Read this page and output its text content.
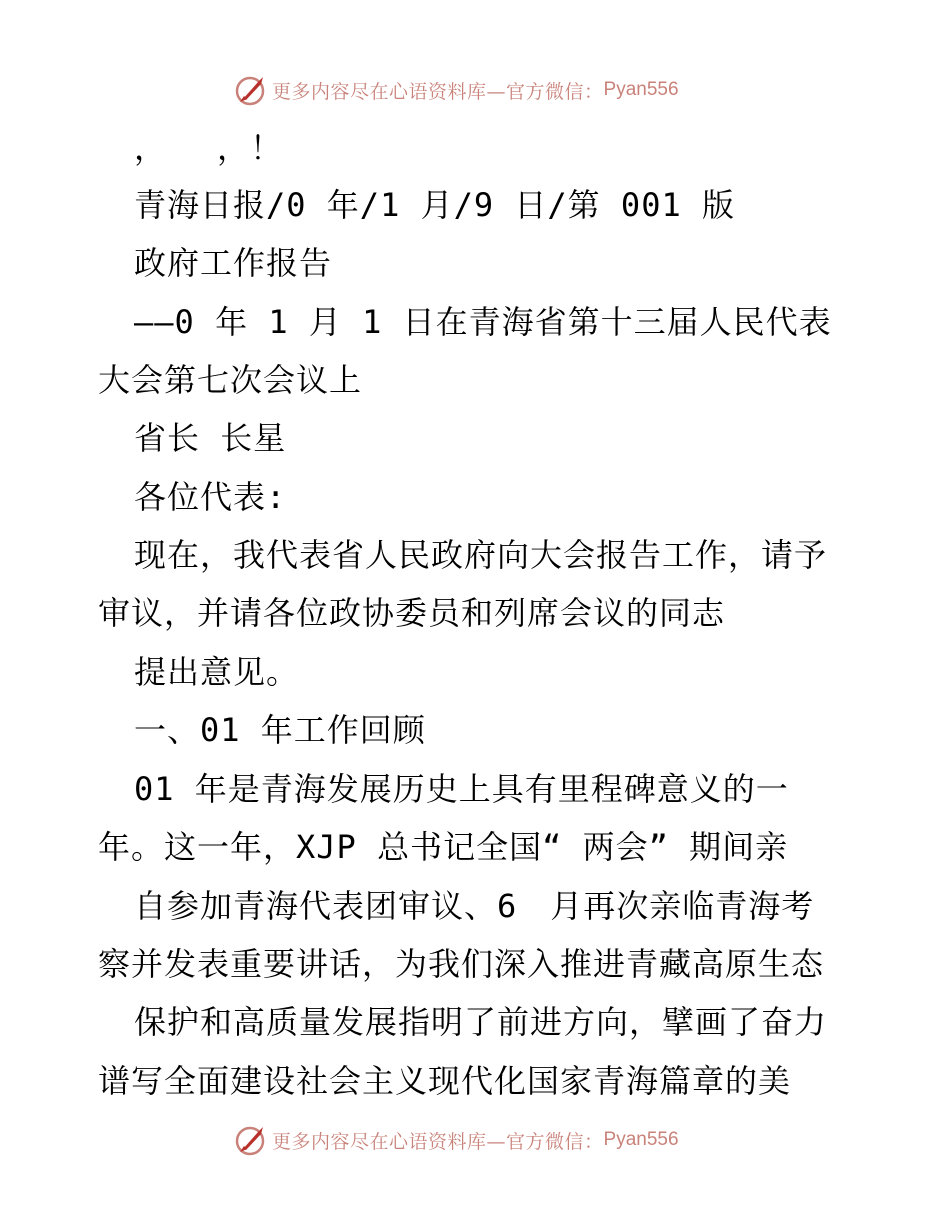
更多内容尽在心语资料库—官方微信： Pyan556
，　　，！
青海日报/0 年/1 月/9 日/第 001 版
政府工作报告
——0 年 1 月 1 日在青海省第十三届人民代表
大会第七次会议上
省长 长星
各位代表:
现在，我代表省人民政府向大会报告工作，请予
审议，并请各位政协委员和列席会议的同志
提出意见。
一、01 年工作回顾
01 年是青海发展历史上具有里程碑意义的一
年。这一年，XJP 总书记全国“ 两会” 期间亲
自参加青海代表团审议、6　月再次亲临青海考
察并发表重要讲话，为我们深入推进青藏高原生态
保护和高质量发展指明了前进方向，擘画了奋力
谱写全面建设社会主义现代化国家青海篇章的美
更多内容尽在心语资料库—官方微信： Pyan556
